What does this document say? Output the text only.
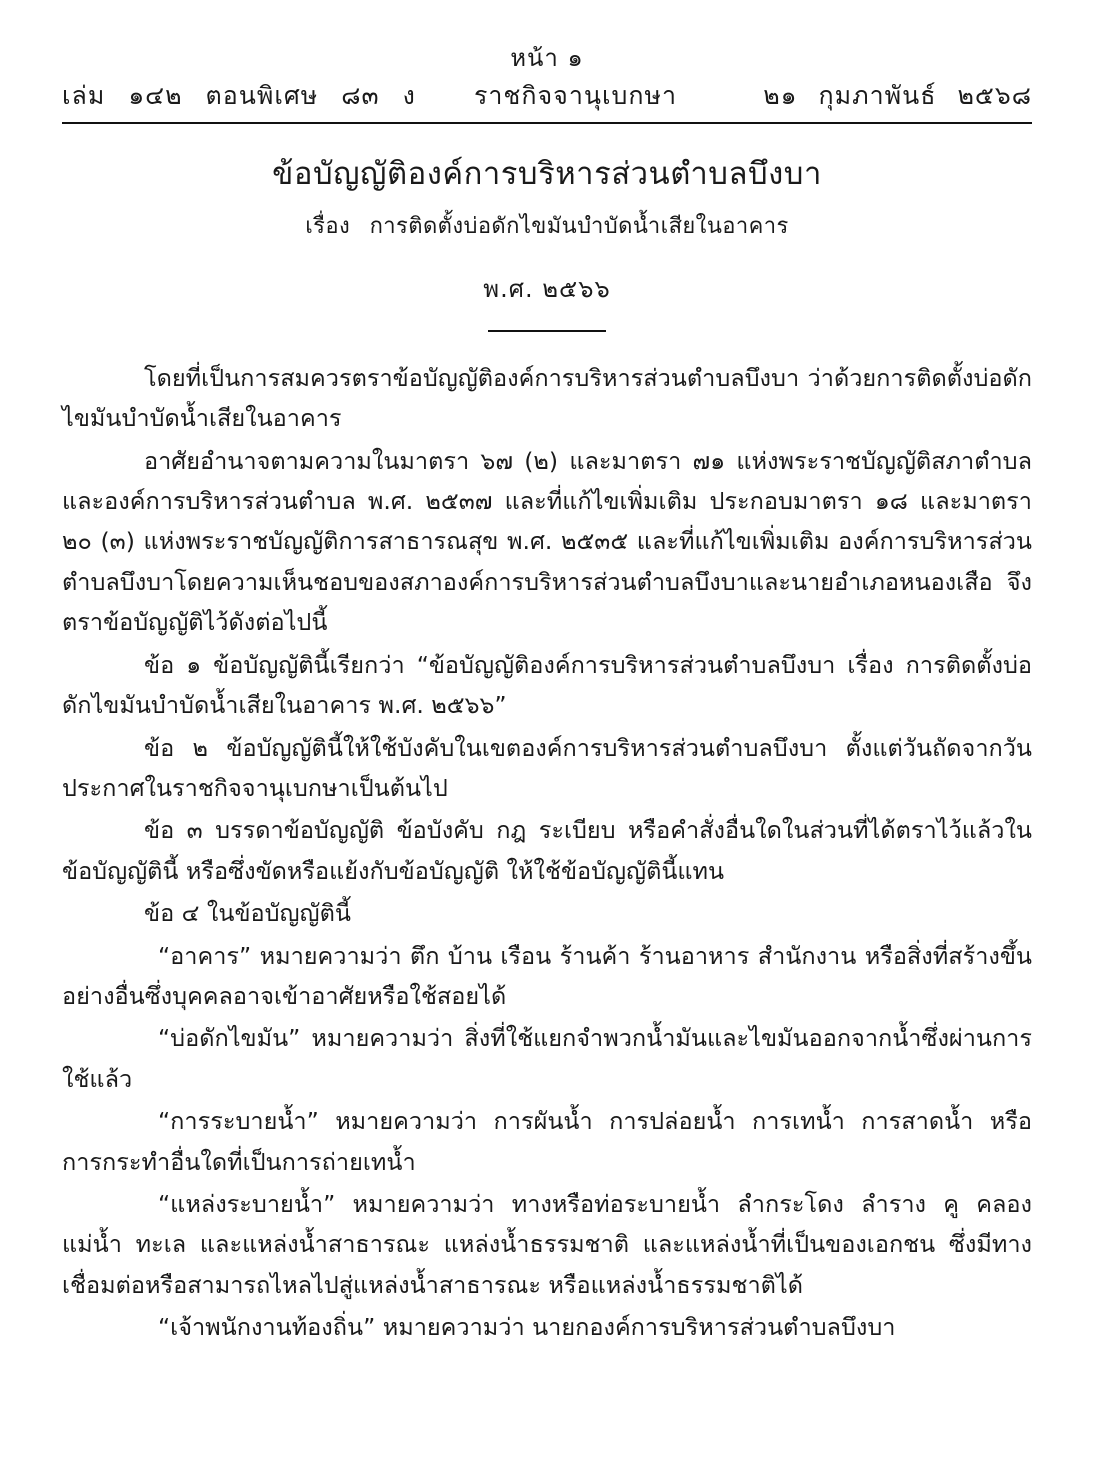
หน้า ๑
เล่ม ๑๔๒ ตอนพิเศษ ๘๓ ง	ราชกิจจานุเบกษา	๒๑ กุมภาพันธ์ ๒๕๖๘
ข้อบัญญัติองค์การบริหารส่วนตำบลบึงบา
เรื่อง การติดตั้งบ่อดักไขมันบำบัดน้ำเสียในอาคาร
พ.ศ. ๒๕๖๖

โดยที่เป็นการสมควรตราข้อบัญญัติองค์การบริหารส่วนตำบลบึงบา ว่าด้วยการติดตั้งบ่อดักไขมันบำบัดน้ำเสียในอาคาร

อาศัยอำนาจตามความในมาตรา ๖๗ (๒) และมาตรา ๗๑ แห่งพระราชบัญญัติสภาตำบลและองค์การบริหารส่วนตำบล พ.ศ. ๒๕๓๗ และที่แก้ไขเพิ่มเติม ประกอบมาตรา ๑๘ และมาตรา ๒๐ (๓) แห่งพระราชบัญญัติการสาธารณสุข พ.ศ. ๒๕๓๕ และที่แก้ไขเพิ่มเติม องค์การบริหารส่วนตำบลบึงบาโดยความเห็นชอบของสภาองค์การบริหารส่วนตำบลบึงบาและนายอำเภอหนองเสือ จึงตราข้อบัญญัติไว้ดังต่อไปนี้

ข้อ ๑ ข้อบัญญัตินี้เรียกว่า “ข้อบัญญัติองค์การบริหารส่วนตำบลบึงบา เรื่อง การติดตั้งบ่อดักไขมันบำบัดน้ำเสียในอาคาร พ.ศ. ๒๕๖๖”

ข้อ ๒ ข้อบัญญัตินี้ให้ใช้บังคับในเขตองค์การบริหารส่วนตำบลบึงบา ตั้งแต่วันถัดจากวันประกาศในราชกิจจานุเบกษาเป็นต้นไป

ข้อ ๓ บรรดาข้อบัญญัติ ข้อบังคับ กฎ ระเบียบ หรือคำสั่งอื่นใดในส่วนที่ได้ตราไว้แล้วในข้อบัญญัตินี้ หรือซึ่งขัดหรือแย้งกับข้อบัญญัติ ให้ใช้ข้อบัญญัตินี้แทน

ข้อ ๔ ในข้อบัญญัตินี้

“อาคาร” หมายความว่า ตึก บ้าน เรือน ร้านค้า ร้านอาหาร สำนักงาน หรือสิ่งที่สร้างขึ้นอย่างอื่นซึ่งบุคคลอาจเข้าอาศัยหรือใช้สอยได้

“บ่อดักไขมัน” หมายความว่า สิ่งที่ใช้แยกจำพวกน้ำมันและไขมันออกจากน้ำซึ่งผ่านการใช้แล้ว

“การระบายน้ำ” หมายความว่า การผันน้ำ การปล่อยน้ำ การเทน้ำ การสาดน้ำ หรือการกระทำอื่นใดที่เป็นการถ่ายเทน้ำ

“แหล่งระบายน้ำ” หมายความว่า ทางหรือท่อระบายน้ำ ลำกระโดง ลำราง คู คลอง แม่น้ำ ทะเล และแหล่งน้ำสาธารณะ แหล่งน้ำธรรมชาติ และแหล่งน้ำที่เป็นของเอกชน ซึ่งมีทางเชื่อมต่อหรือสามารถไหลไปสู่แหล่งน้ำสาธารณะ หรือแหล่งน้ำธรรมชาติได้

“เจ้าพนักงานท้องถิ่น” หมายความว่า นายกองค์การบริหารส่วนตำบลบึงบา
